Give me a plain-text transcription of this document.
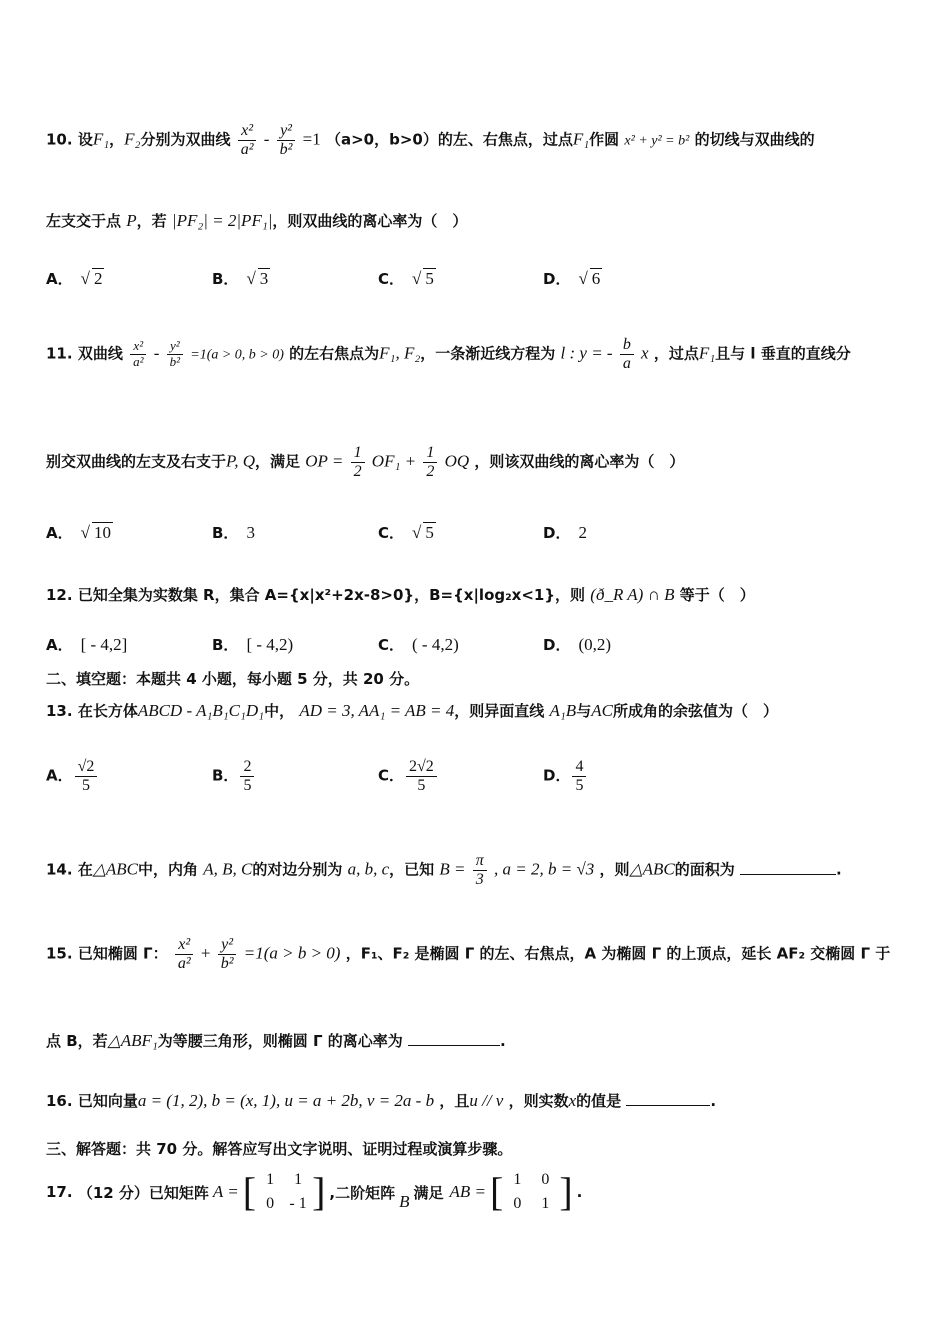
10. 设F₁，F₂分别为双曲线 $\frac{\text{x²}}{\text{a²}} - \frac{\text{y²}}{\text{b²}} =1$ （a>0，b>0）的左、右焦点，过点F₁作圆 x² + y² = b² 的切线与双曲线的
左支交于点 P，若 |PF₂| = 2|PF₁|，则双曲线的离心率为（　）
A． √ 2	B． √ 3	C． √ 5	D． √ 6
11. 双曲线 $\frac{\text{x²}}{\text{a²}} - \frac{\text{y²}}{\text{b²}} =1(a > 0$, b > 0) 的左右焦点为F₁, F₂，一条渐近线方程为 l : y = - $\frac{b}{a}$ x ，过点F₁且与 l 垂直的直线分
别交双曲线的左支及右支于P, Q，满足 OP = $\frac{1}{2} OF_1 + \frac{1}{2}$ OQ ，则该双曲线的离心率为（　）
A． √ 10	B． 3	C． √ 5	D． 2
12. 已知全集为实数集 R，集合 A={x|x²+2x-8>0}，B={x|log₂x<1}，则 (ð_R A) ∩ B 等于（　）
A． [ - 4,2]	B． [ - 4,2)	C． ( - 4,2)	D． (0,2)
二、填空题：本题共 4 小题，每小题 5 分，共 20 分。
13. 在长方体ABCD - A₁B₁C₁D₁中， AD = 3, AA₁ = AB = 4，则异面直线 A₁B与AC所成角的余弦值为（　）
A． $\frac{√2}{5}$	B． $\frac{2}{5}$	C． $\frac{2√2}{5}$	D． $\frac{4}{5}$
14. 在△ABC中，内角 A, B, C的对边分别为 a, b, c，已知 $B = \frac{\pi}{3}$ , a = 2, b = √3 ，则△ABC的面积为	.
15. 已知椭圆 Γ： $\frac{\text{x²}}{\text{a²}} + \frac{\text{y²}}{\text{b²}} =1(a > b > 0)$ ，F₁、F₂ 是椭圆 Γ 的左、右焦点，A 为椭圆 Γ 的上顶点，延长 AF₂ 交椭圆 Γ 于
点 B，若△ABF₁为等腰三角形，则椭圆 Γ 的离心率为	.
16. 已知向量a = (1, 2), b = (x, 1), u = a + 2b, v = 2a - b ，且u // v ，则实数x的值是	.
三、解答题：共 70 分。解答应写出文字说明、证明过程或演算步骤。
17.
（12 分）已知矩阵 A = [ 1	1
0 - 1 ] ,二阶矩阵 B 满足 AB = [ 1	0
0	1 ] .
